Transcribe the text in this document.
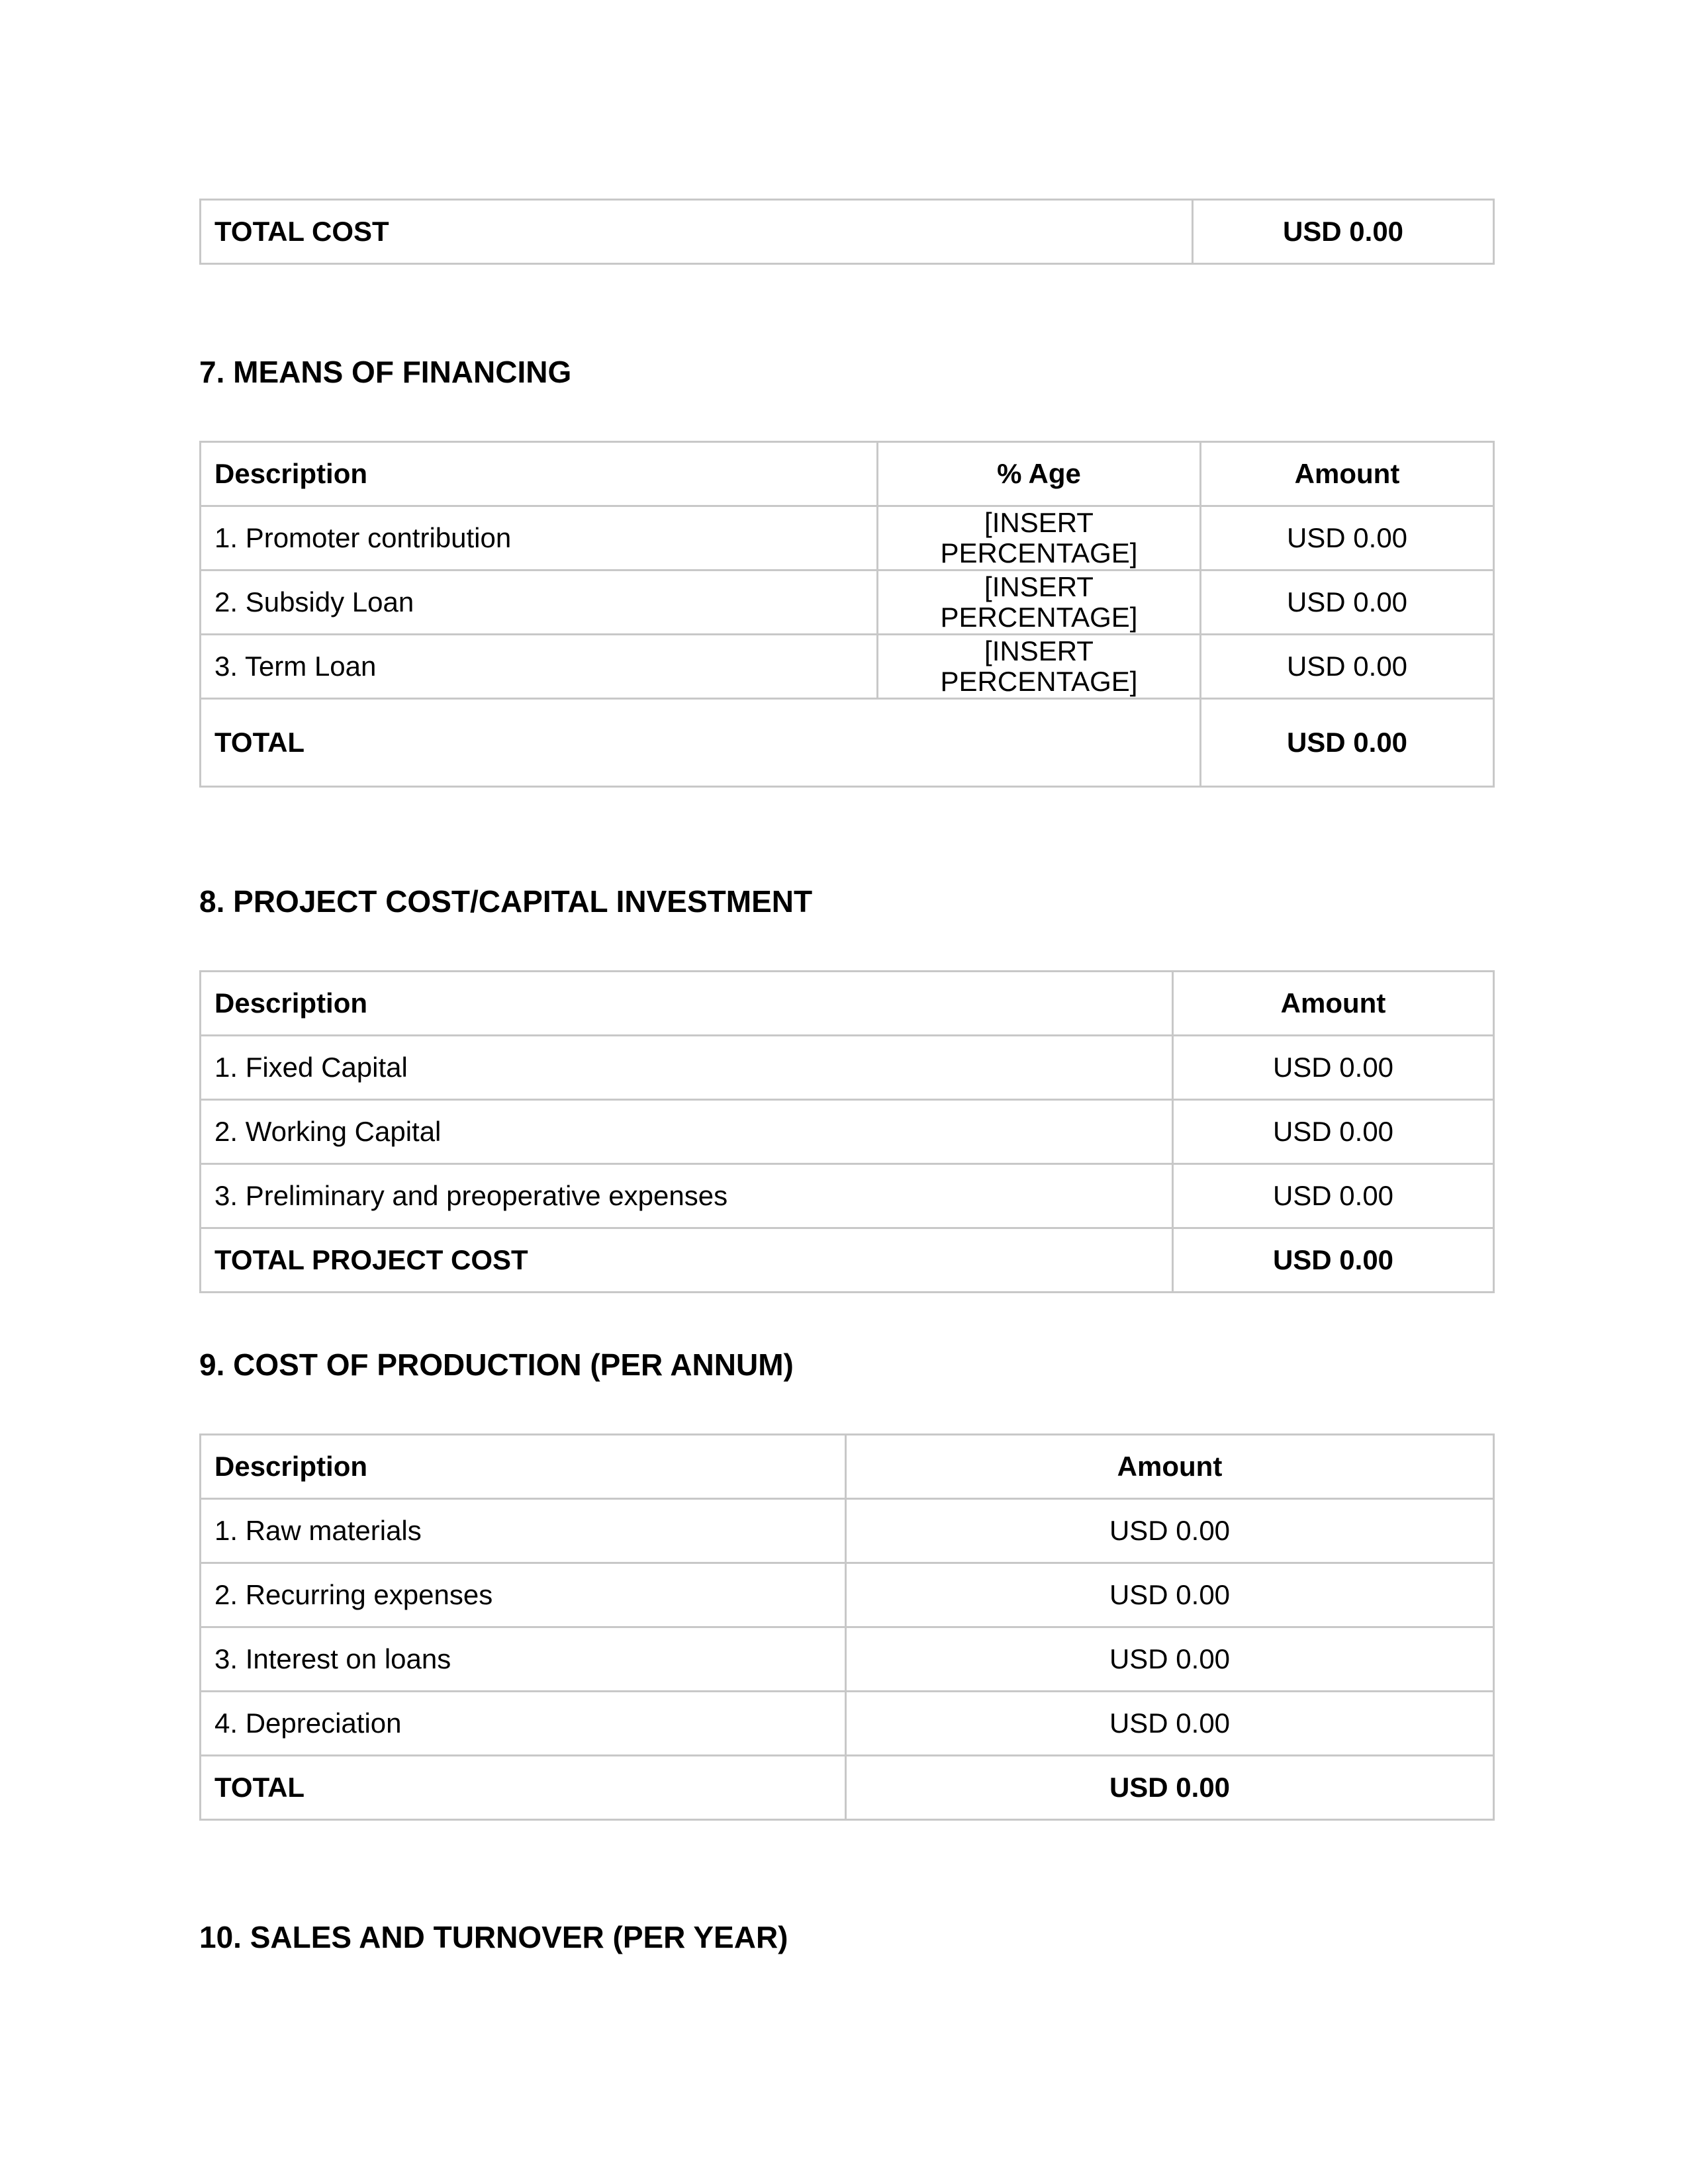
TOTAL COST	USD 0.00
7. MEANS OF FINANCING
Description	% Age	Amount
1. Promoter contribution	[INSERT PERCENTAGE]	USD 0.00
2. Subsidy Loan	[INSERT PERCENTAGE]	USD 0.00
3. Term Loan	[INSERT PERCENTAGE]	USD 0.00
TOTAL		USD 0.00
8. PROJECT COST/CAPITAL INVESTMENT
Description	Amount
1. Fixed Capital	USD 0.00
2. Working Capital	USD 0.00
3. Preliminary and preoperative expenses	USD 0.00
TOTAL PROJECT COST	USD 0.00
9. COST OF PRODUCTION (PER ANNUM)
Description	Amount
1. Raw materials	USD 0.00
2. Recurring expenses	USD 0.00
3. Interest on loans	USD 0.00
4. Depreciation	USD 0.00
TOTAL	USD 0.00
10. SALES AND TURNOVER (PER YEAR)
